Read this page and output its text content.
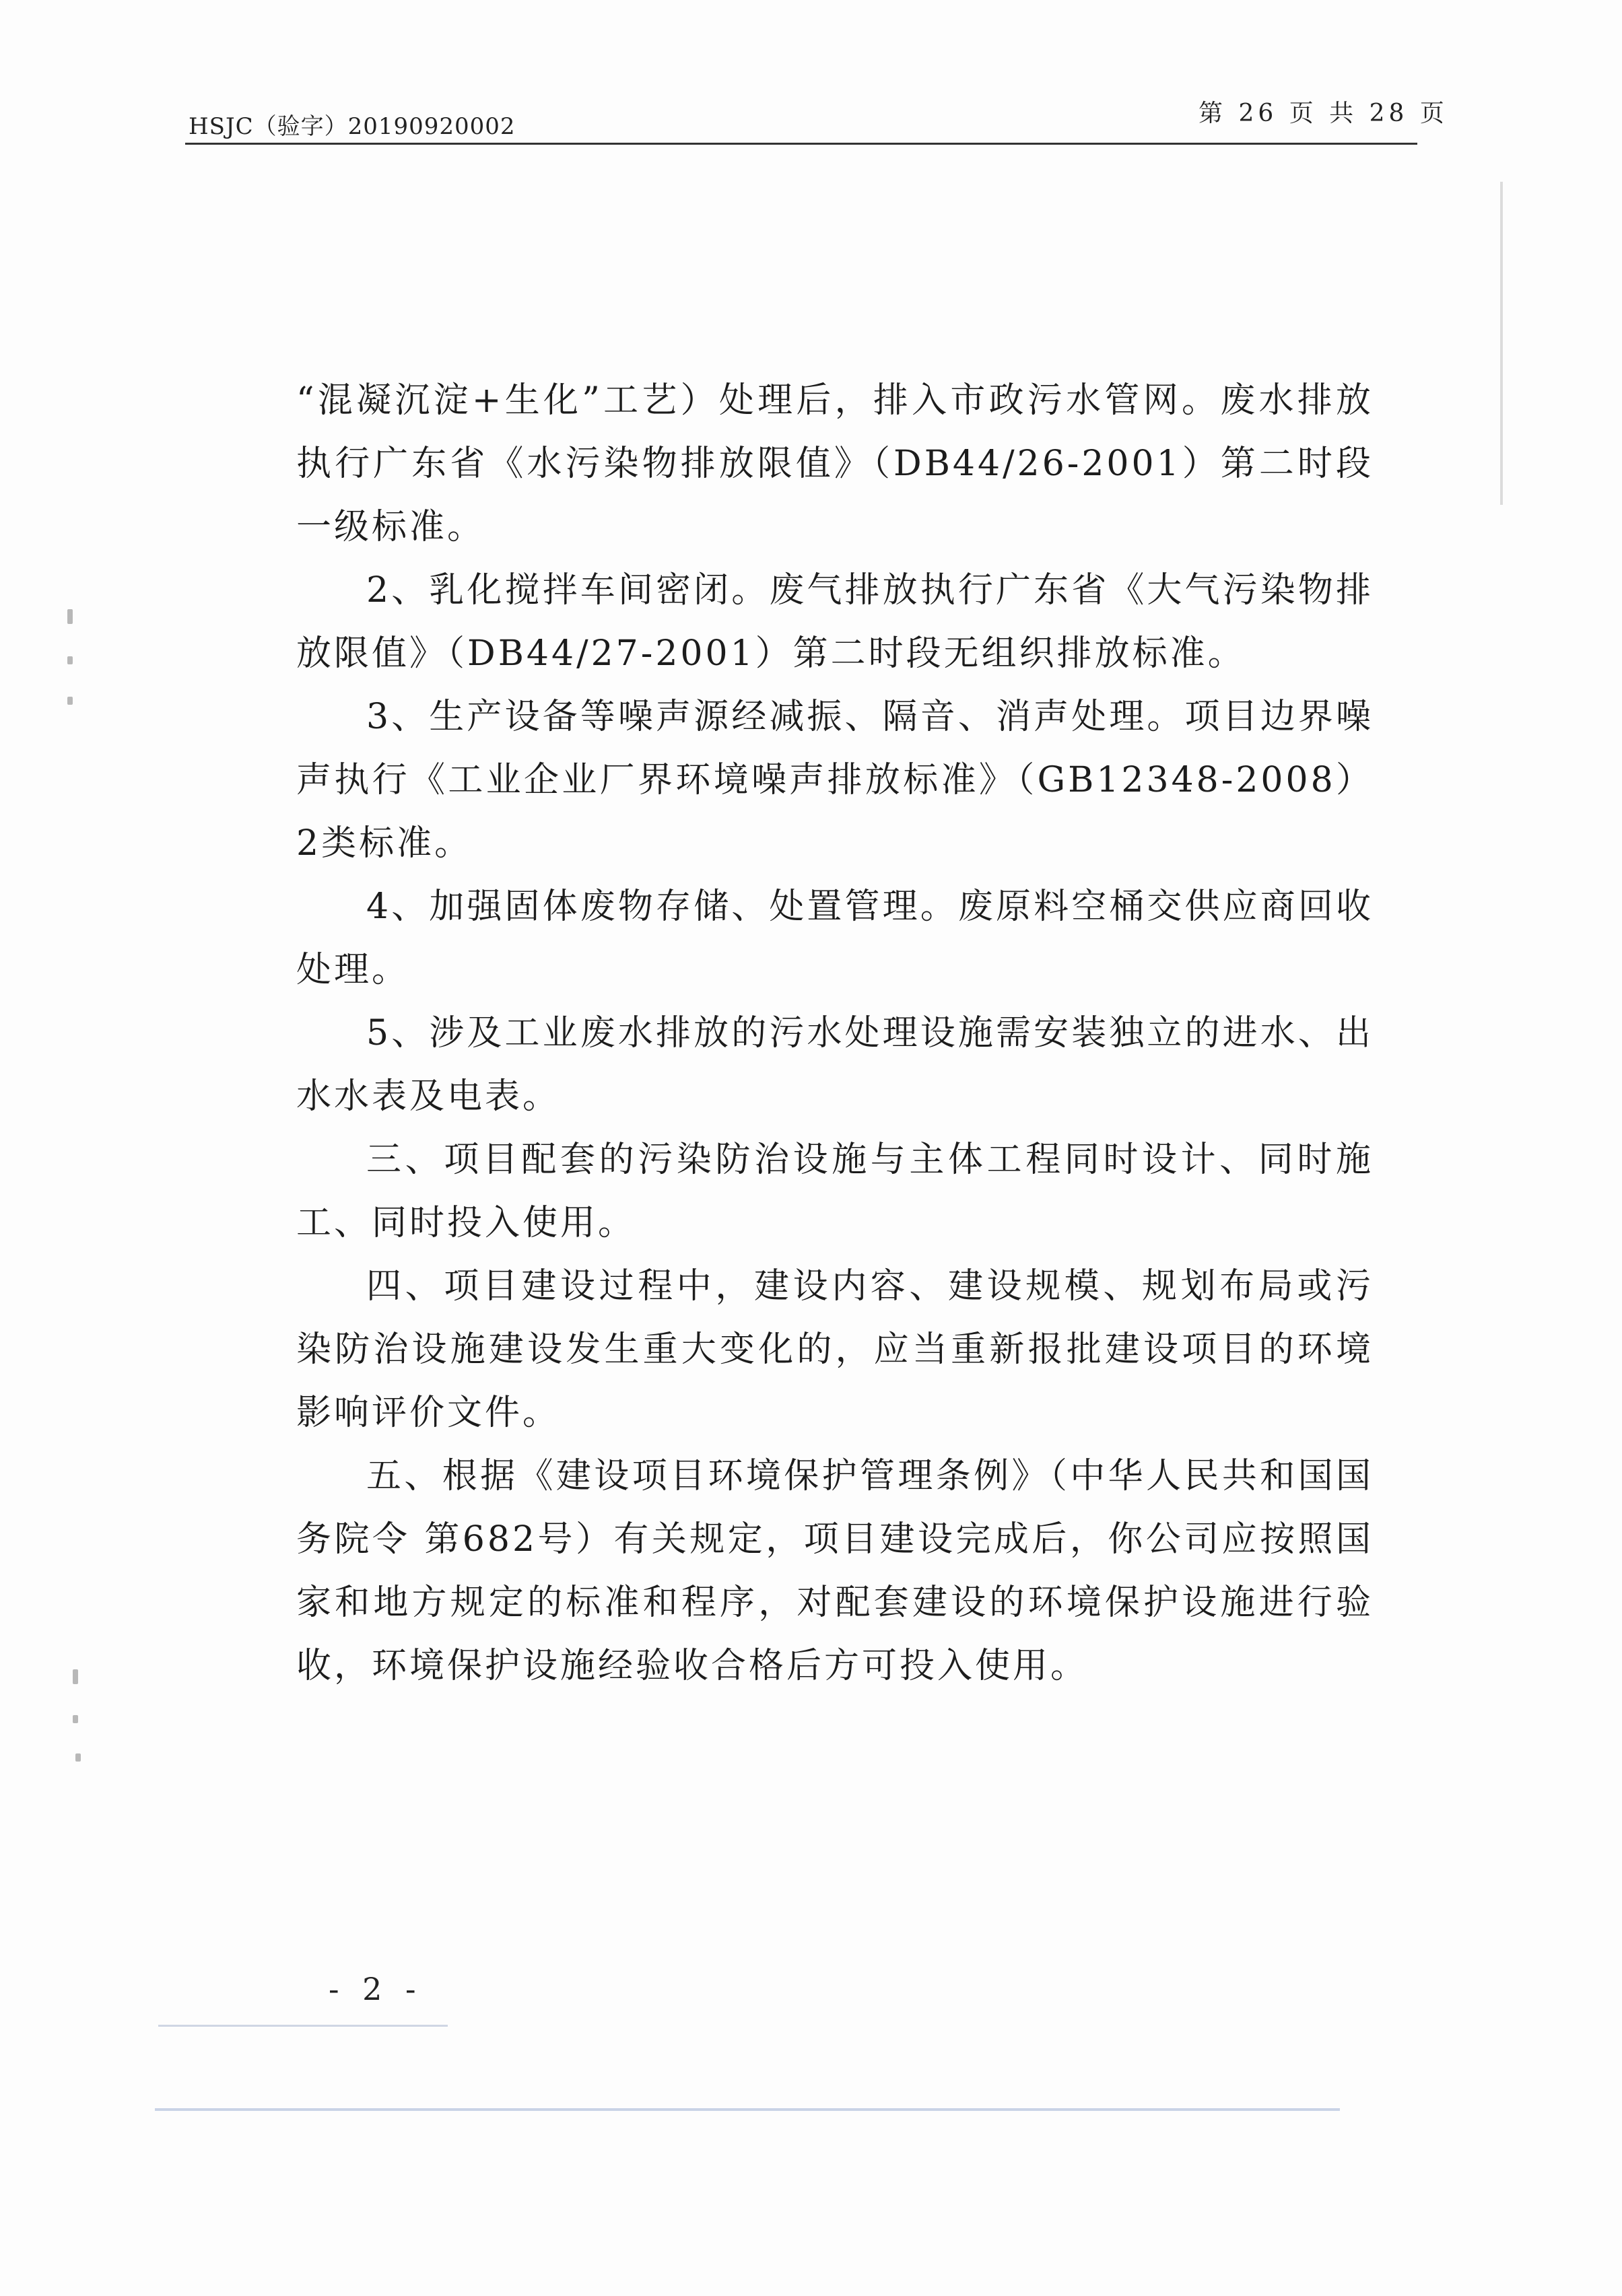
HSJC（验字）20190920002	第 26 页 共 28 页

“混凝沉淀+生化”工艺）处理后，排入市政污水管网。废水排放执行广东省《水污染物排放限值》（DB44/26-2001）第二时段一级标准。

2、乳化搅拌车间密闭。废气排放执行广东省《大气污染物排放限值》（DB44/27-2001）第二时段无组织排放标准。

3、生产设备等噪声源经减振、隔音、消声处理。项目边界噪声执行《工业企业厂界环境噪声排放标准》（GB12348-2008）2类标准。

4、加强固体废物存储、处置管理。废原料空桶交供应商回收处理。

5、涉及工业废水排放的污水处理设施需安装独立的进水、出水水表及电表。

三、项目配套的污染防治设施与主体工程同时设计、同时施工、同时投入使用。

四、项目建设过程中，建设内容、建设规模、规划布局或污染防治设施建设发生重大变化的，应当重新报批建设项目的环境影响评价文件。

五、根据《建设项目环境保护管理条例》（中华人民共和国国务院令 第682号）有关规定，项目建设完成后，你公司应按照国家和地方规定的标准和程序，对配套建设的环境保护设施进行验收，环境保护设施经验收合格后方可投入使用。

- 2 -
